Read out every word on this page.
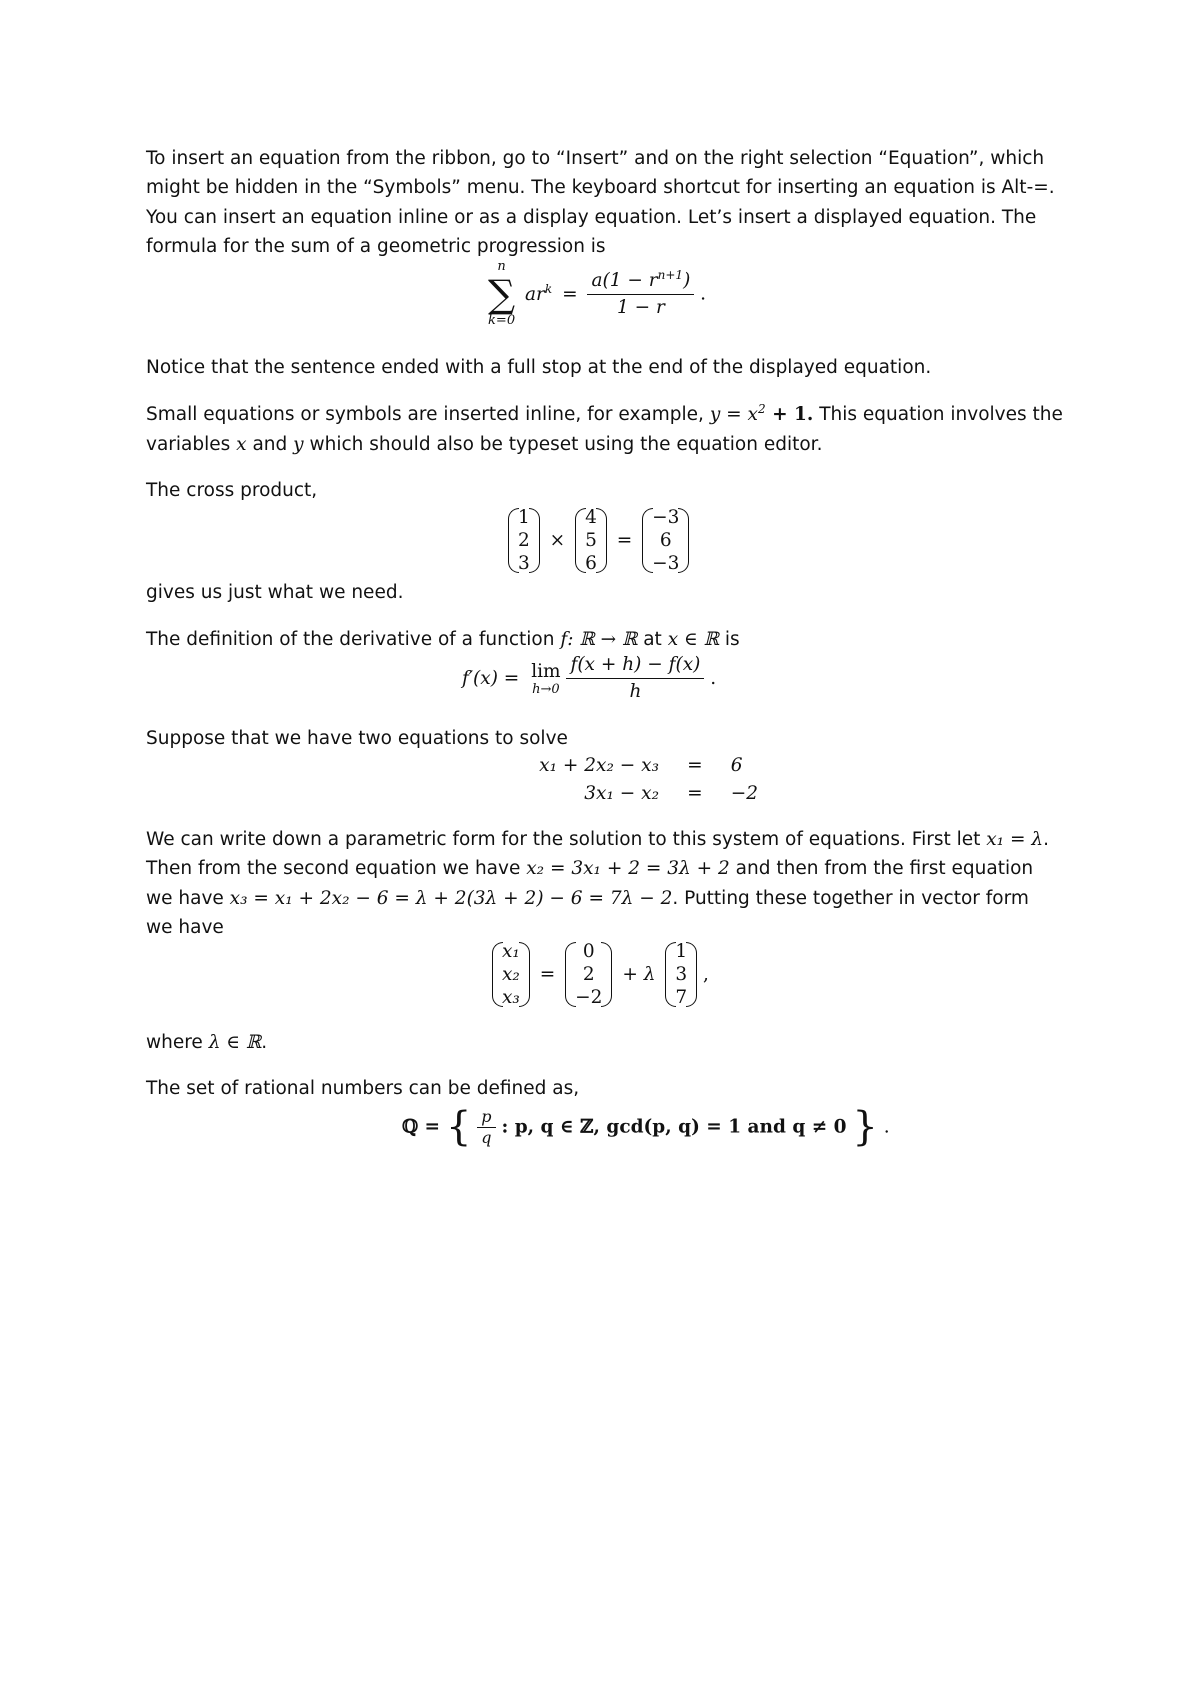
To insert an equation from the ribbon, go to “Insert” and on the right selection “Equation”, which
might be hidden in the “Symbols” menu. The keyboard shortcut for inserting an equation is Alt-=.
You can insert an equation inline or as a display equation. Let’s insert a displayed equation. The
formula for the sum of a geometric progression is
n
∑
k=0
$ar^k = \frac{a(1 - r^{n+1})}{1 - r}$ .
Notice that the sentence ended with a full stop at the end of the displayed equation.
Small equations or symbols are inserted inline, for example, $y = x^2 + 1$. This equation involves the
variables x and y which should also be typeset using the equation editor.
The cross product,
1
2
3
×
4
5
6
=
−3
6
−3
gives us just what we need.
The definition of the derivative of a function f: ℝ → ℝ at x ∈ ℝ is
f′(x) = lim
h→0
$\frac{f(x + h) - f(x)}{h}$ .
Suppose that we have two equations to solve
x₁ + 2x₂ − x₃ = 6
3x₁ − x₂ = −2
We can write down a parametric form for the solution to this system of equations. First let x₁ = λ.
Then from the second equation we have x₂ = 3x₁ + 2 = 3λ + 2 and then from the first equation
we have x₃ = x₁ + 2x₂ − 6 = λ + 2(3λ + 2) − 6 = 7λ − 2. Putting these together in vector form
we have
x₁
x₂
x₃
=
0
2
−2
+ λ
1
3
7
,
where λ ∈ ℝ.
The set of rational numbers can be defined as,
ℚ = { $\frac{p}{q}$ : p, q ∈ ℤ, gcd(p, q) = 1 and q ≠ 0 } .
